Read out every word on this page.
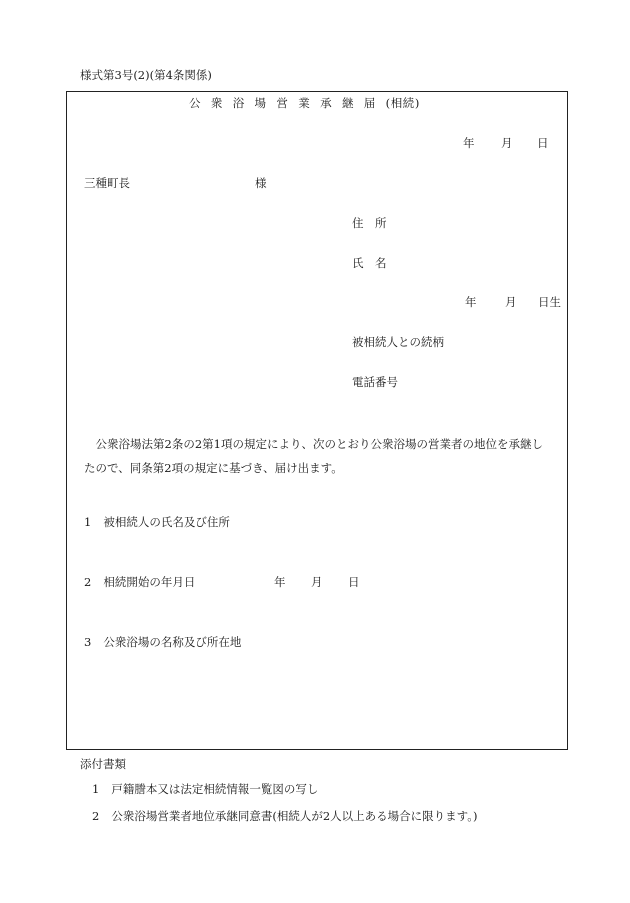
様式第3号(2)(第4条関係)
公衆浴場営業承継届(相続)
年 月 日
三種町長	様
住　所
氏　名
年 月 日生
被相続人との続柄
電話番号
公衆浴場法第2条の2第1項の規定により、次のとおり公衆浴場の営業者の地位を承継したので、同条第2項の規定に基づき、届け出ます。
1 被相続人の氏名及び住所
2 相続開始の年月日	年 月 日
3 公衆浴場の名称及び所在地
添付書類
1 戸籍謄本又は法定相続情報一覧図の写し
2 公衆浴場営業者地位承継同意書(相続人が2人以上ある場合に限ります。)
